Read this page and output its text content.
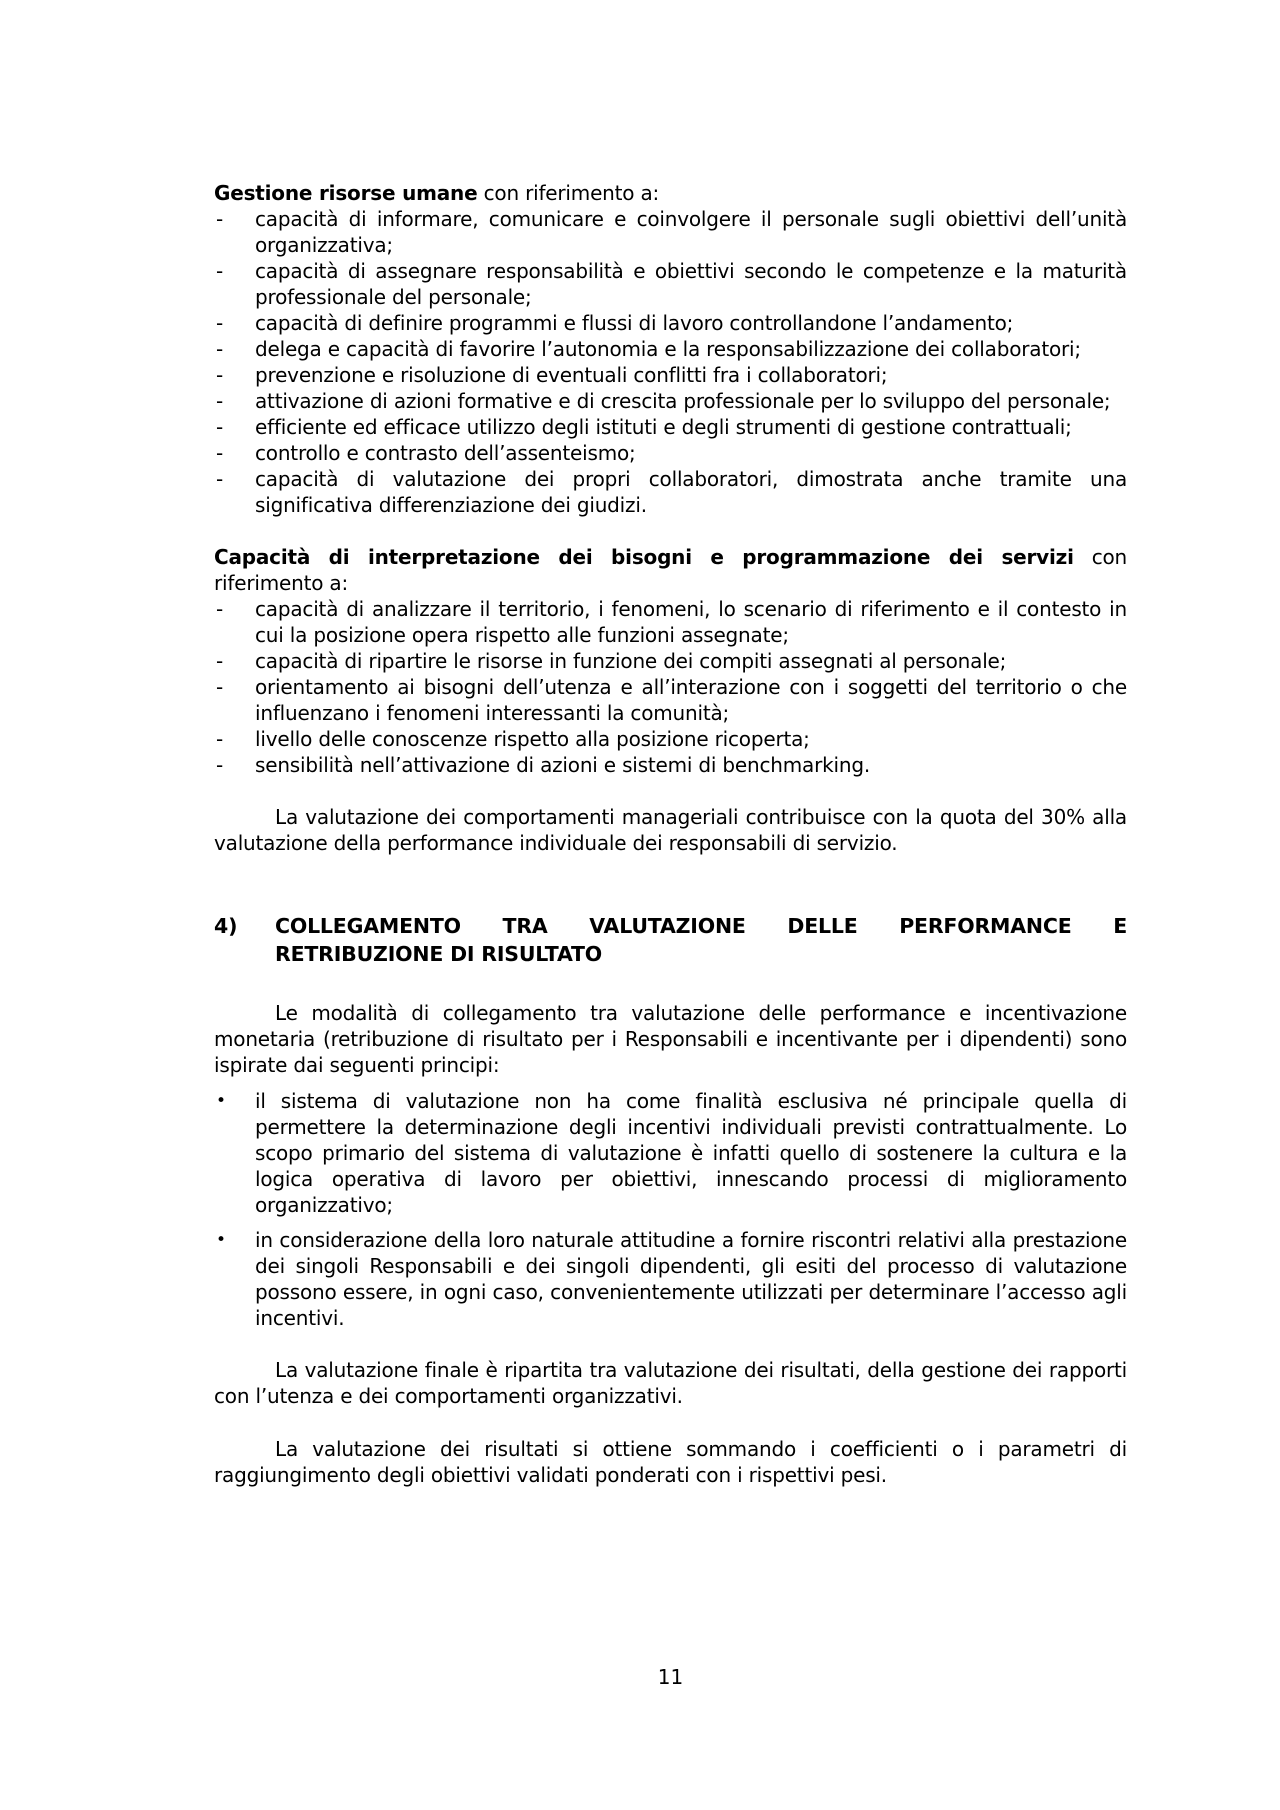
Gestione risorse umane con riferimento a:

- capacità di informare, comunicare e coinvolgere il personale sugli obiettivi dell’unità organizzativa;
- capacità di assegnare responsabilità e obiettivi secondo le competenze e la maturità professionale del personale;
- capacità di definire programmi e flussi di lavoro controllandone l’andamento;
- delega e capacità di favorire l’autonomia e la responsabilizzazione dei collaboratori;
- prevenzione e risoluzione di eventuali conflitti fra i collaboratori;
- attivazione di azioni formative e di crescita professionale per lo sviluppo del personale;
- efficiente ed efficace utilizzo degli istituti e degli strumenti di gestione contrattuali;
- controllo e contrasto dell’assenteismo;
- capacità di valutazione dei propri collaboratori, dimostrata anche tramite una significativa differenziazione dei giudizi.

Capacità di interpretazione dei bisogni e programmazione dei servizi con riferimento a:

- capacità di analizzare il territorio, i fenomeni, lo scenario di riferimento e il contesto in cui la posizione opera rispetto alle funzioni assegnate;
- capacità di ripartire le risorse in funzione dei compiti assegnati al personale;
- orientamento ai bisogni dell’utenza e all’interazione con i soggetti del territorio o che influenzano i fenomeni interessanti la comunità;
- livello delle conoscenze rispetto alla posizione ricoperta;
- sensibilità nell’attivazione di azioni e sistemi di benchmarking.

La valutazione dei comportamenti manageriali contribuisce con la quota del 30% alla valutazione della performance individuale dei responsabili di servizio.

4) COLLEGAMENTO TRA VALUTAZIONE DELLE PERFORMANCE E RETRIBUZIONE DI RISULTATO

Le modalità di collegamento tra valutazione delle performance e incentivazione monetaria (retribuzione di risultato per i Responsabili e incentivante per i dipendenti) sono ispirate dai seguenti principi:

• il sistema di valutazione non ha come finalità esclusiva né principale quella di permettere la determinazione degli incentivi individuali previsti contrattualmente. Lo scopo primario del sistema di valutazione è infatti quello di sostenere la cultura e la logica operativa di lavoro per obiettivi, innescando processi di miglioramento organizzativo;
• in considerazione della loro naturale attitudine a fornire riscontri relativi alla prestazione dei singoli Responsabili e dei singoli dipendenti, gli esiti del processo di valutazione possono essere, in ogni caso, convenientemente utilizzati per determinare l’accesso agli incentivi.

La valutazione finale è ripartita tra valutazione dei risultati, della gestione dei rapporti con l’utenza e dei comportamenti organizzativi.

La valutazione dei risultati si ottiene sommando i coefficienti o i parametri di raggiungimento degli obiettivi validati ponderati con i rispettivi pesi.

11
